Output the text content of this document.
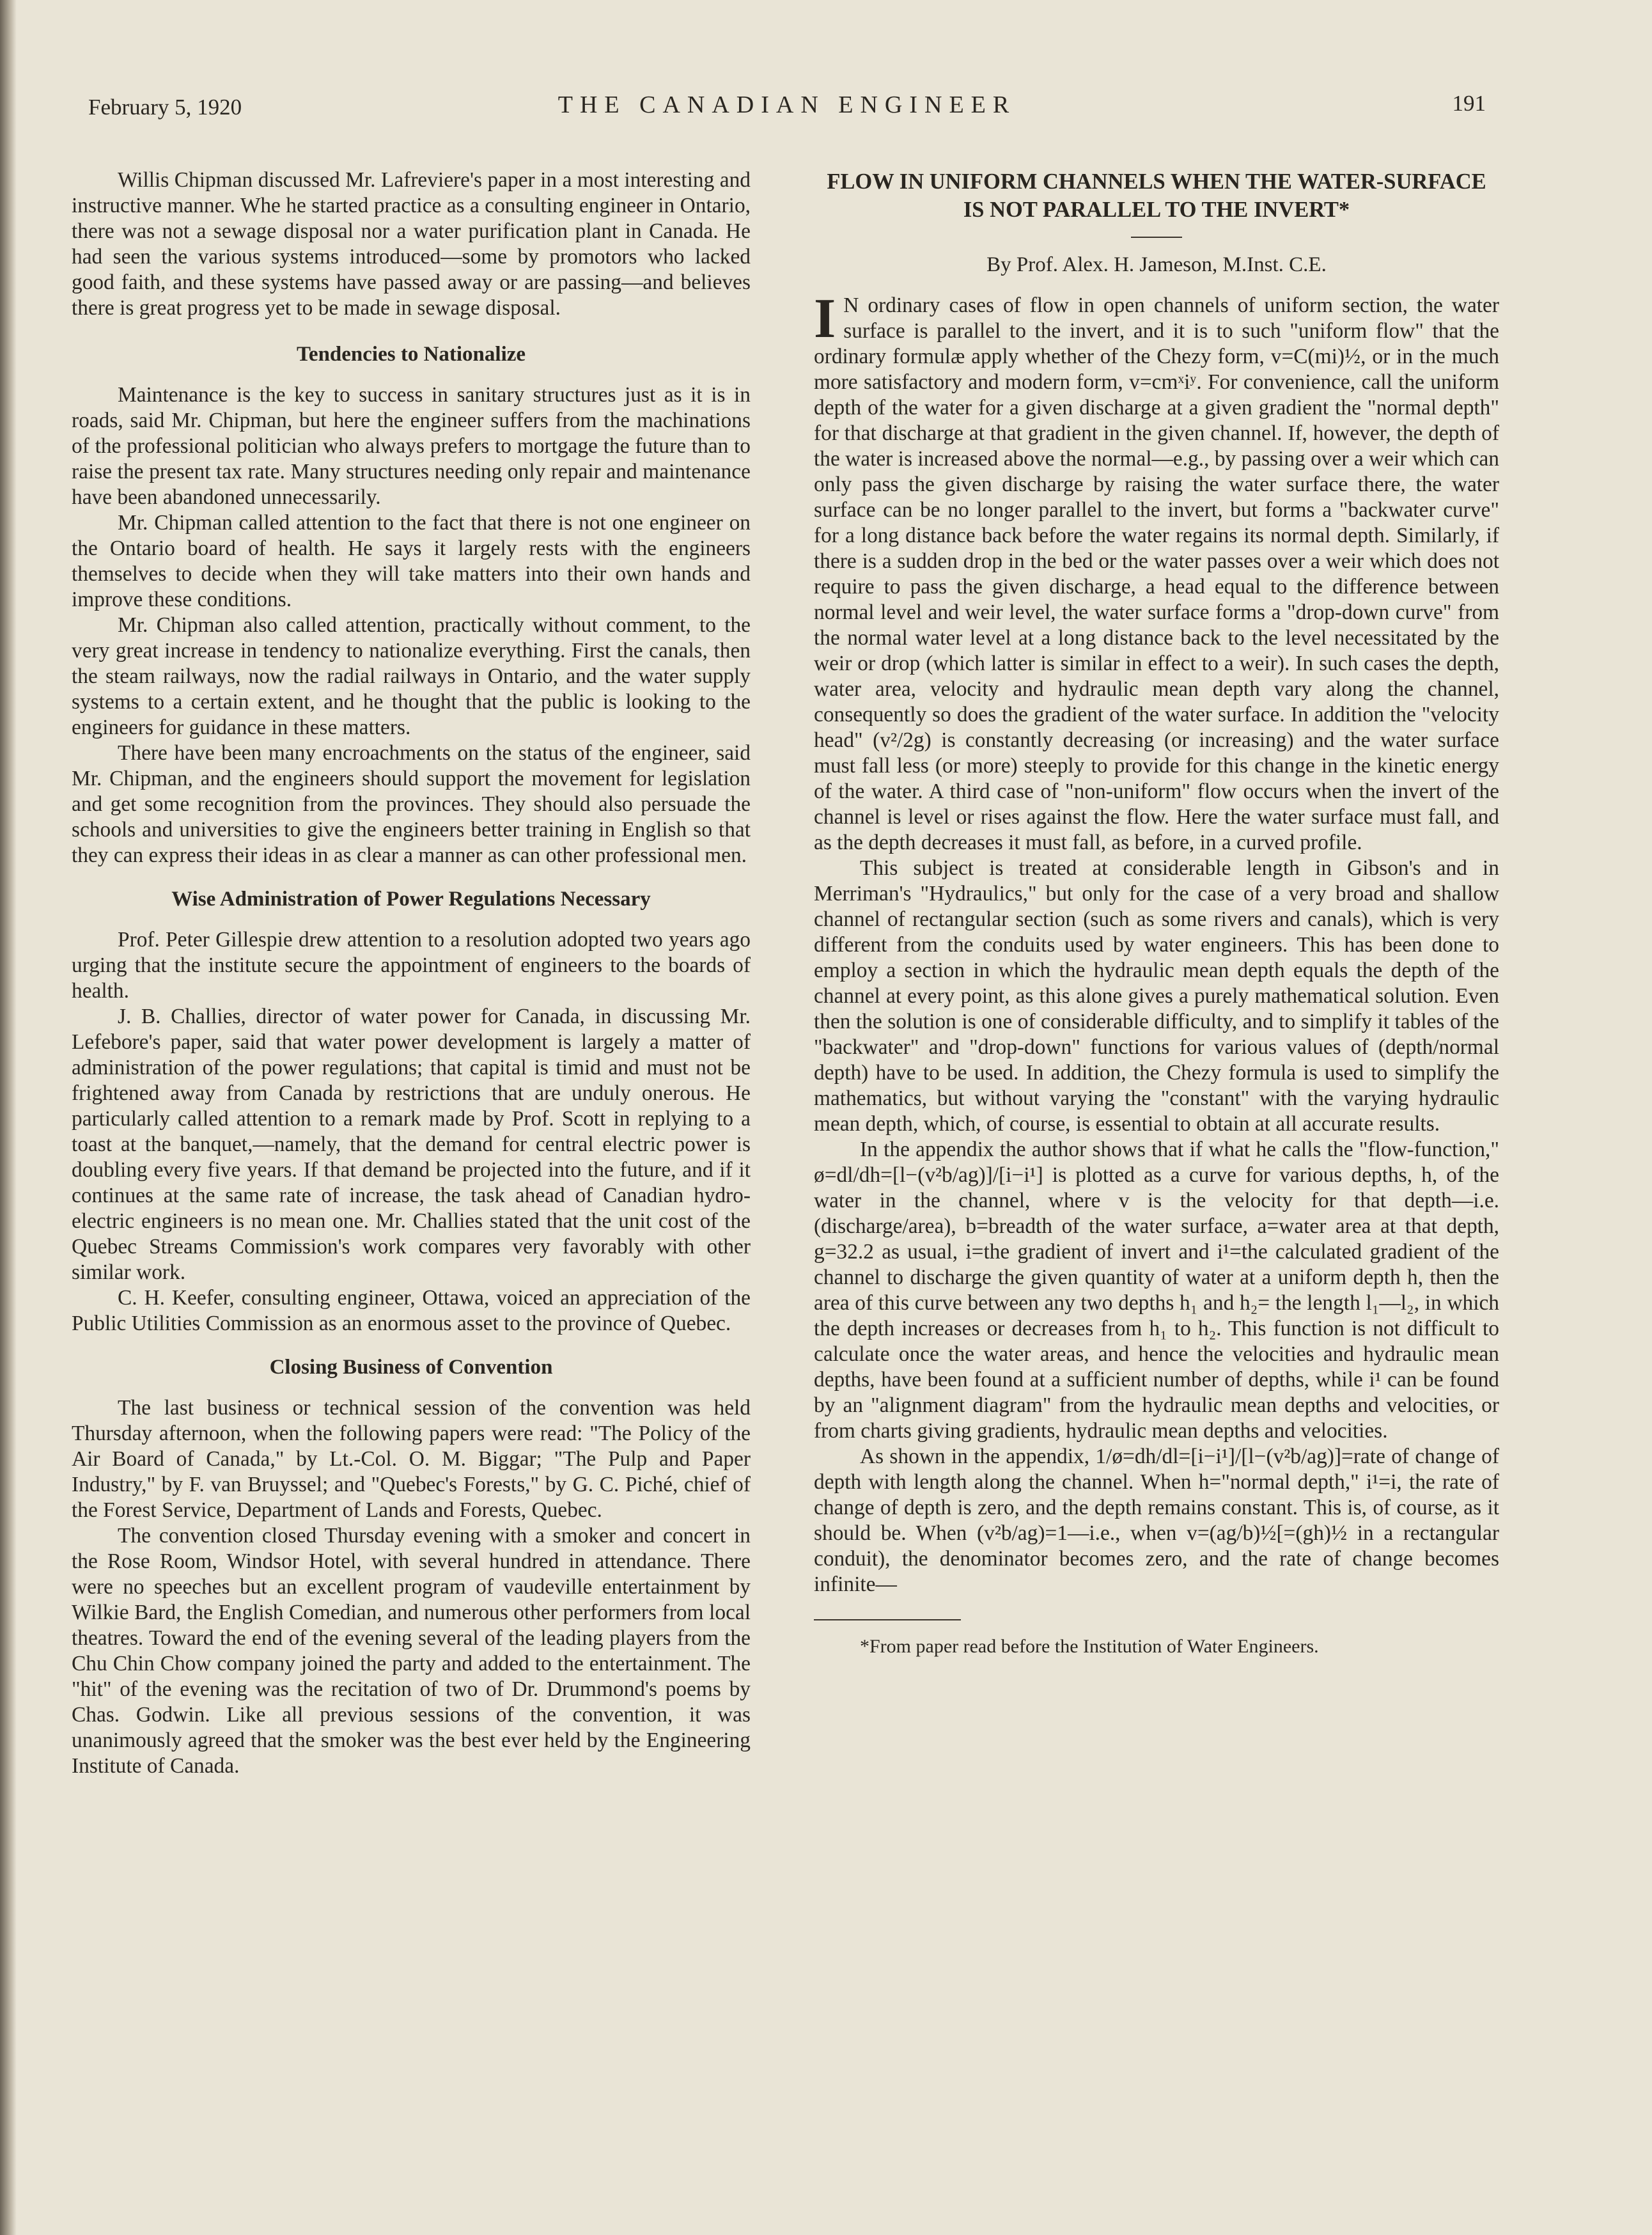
February 5, 1920	THE CANADIAN ENGINEER	191

Willis Chipman discussed Mr. Lafreviere's paper in a most interesting and instructive manner. Whe he started practice as a consulting engineer in Ontario, there was not a sewage disposal nor a water purification plant in Canada. He had seen the various systems introduced—some by promotors who lacked good faith, and these systems have passed away or are passing—and believes there is great progress yet to be made in sewage disposal.

Tendencies to Nationalize

Maintenance is the key to success in sanitary structures just as it is in roads, said Mr. Chipman, but here the engineer suffers from the machinations of the professional politician who always prefers to mortgage the future than to raise the present tax rate. Many structures needing only repair and maintenance have been abandoned unnecessarily.

Mr. Chipman called attention to the fact that there is not one engineer on the Ontario board of health. He says it largely rests with the engineers themselves to decide when they will take matters into their own hands and improve these conditions.

Mr. Chipman also called attention, practically without comment, to the very great increase in tendency to nationalize everything. First the canals, then the steam railways, now the radial railways in Ontario, and the water supply systems to a certain extent, and he thought that the public is looking to the engineers for guidance in these matters.

There have been many encroachments on the status of the engineer, said Mr. Chipman, and the engineers should support the movement for legislation and get some recognition from the provinces. They should also persuade the schools and universities to give the engineers better training in English so that they can express their ideas in as clear a manner as can other professional men.

Wise Administration of Power Regulations Necessary

Prof. Peter Gillespie drew attention to a resolution adopted two years ago urging that the institute secure the appointment of engineers to the boards of health.

J. B. Challies, director of water power for Canada, in discussing Mr. Lefebore's paper, said that water power development is largely a matter of administration of the power regulations; that capital is timid and must not be frightened away from Canada by restrictions that are unduly onerous. He particularly called attention to a remark made by Prof. Scott in replying to a toast at the banquet,—namely, that the demand for central electric power is doubling every five years. If that demand be projected into the future, and if it continues at the same rate of increase, the task ahead of Canadian hydro-electric engineers is no mean one. Mr. Challies stated that the unit cost of the Quebec Streams Commission's work compares very favorably with other similar work.

C. H. Keefer, consulting engineer, Ottawa, voiced an appreciation of the Public Utilities Commission as an enormous asset to the province of Quebec.

Closing Business of Convention

The last business or technical session of the convention was held Thursday afternoon, when the following papers were read: "The Policy of the Air Board of Canada," by Lt.-Col. O. M. Biggar; "The Pulp and Paper Industry," by F. van Bruyssel; and "Quebec's Forests," by G. C. Piché, chief of the Forest Service, Department of Lands and Forests, Quebec.

The convention closed Thursday evening with a smoker and concert in the Rose Room, Windsor Hotel, with several hundred in attendance. There were no speeches but an excellent program of vaudeville entertainment by Wilkie Bard, the English Comedian, and numerous other performers from local theatres. Toward the end of the evening several of the leading players from the Chu Chin Chow company joined the party and added to the entertainment. The "hit" of the evening was the recitation of two of Dr. Drummond's poems by Chas. Godwin. Like all previous sessions of the convention, it was unanimously agreed that the smoker was the best ever held by the Engineering Institute of Canada.

FLOW IN UNIFORM CHANNELS WHEN THE WATER-SURFACE IS NOT PARALLEL TO THE INVERT*
By Prof. Alex. H. Jameson, M.Inst. C.E.

I N ordinary cases of flow in open channels of uniform section, the water surface is parallel to the invert, and it is to such "uniform flow" that the ordinary formulæ apply whether of the Chezy form, v=C(mi)½, or in the much more satisfactory and modern form, v=cmˣiʸ. For convenience, call the uniform depth of the water for a given discharge at a given gradient the "normal depth" for that discharge at that gradient in the given channel. If, however, the depth of the water is increased above the normal—e.g., by passing over a weir which can only pass the given discharge by raising the water surface there, the water surface can be no longer parallel to the invert, but forms a "backwater curve" for a long distance back before the water regains its normal depth. Similarly, if there is a sudden drop in the bed or the water passes over a weir which does not require to pass the given discharge, a head equal to the difference between normal level and weir level, the water surface forms a "drop-down curve" from the normal water level at a long distance back to the level necessitated by the weir or drop (which latter is similar in effect to a weir). In such cases the depth, water area, velocity and hydraulic mean depth vary along the channel, consequently so does the gradient of the water surface. In addition the "velocity head" (v²/2g) is constantly decreasing (or increasing) and the water surface must fall less (or more) steeply to provide for this change in the kinetic energy of the water. A third case of "non-uniform" flow occurs when the invert of the channel is level or rises against the flow. Here the water surface must fall, and as the depth decreases it must fall, as before, in a curved profile.

This subject is treated at considerable length in Gibson's and in Merriman's "Hydraulics," but only for the case of a very broad and shallow channel of rectangular section (such as some rivers and canals), which is very different from the conduits used by water engineers. This has been done to employ a section in which the hydraulic mean depth equals the depth of the channel at every point, as this alone gives a purely mathematical solution. Even then the solution is one of considerable difficulty, and to simplify it tables of the "backwater" and "drop-down" functions for various values of (depth/normal depth) have to be used. In addition, the Chezy formula is used to simplify the mathematics, but without varying the "constant" with the varying hydraulic mean depth, which, of course, is essential to obtain at all accurate results.

In the appendix the author shows that if what he calls the "flow-function," ø=dl/dh=[l−(v²b/ag)]/[i−i¹] is plotted as a curve for various depths, h, of the water in the channel, where v is the velocity for that depth—i.e. (discharge/area), b=breadth of the water surface, a=water area at that depth, g=32.2 as usual, i=the gradient of invert and i¹=the calculated gradient of the channel to discharge the given quantity of water at a uniform depth h, then the area of this curve between any two depths h₁ and h₂= the length l₁—l₂, in which the depth increases or decreases from h₁ to h₂. This function is not difficult to calculate once the water areas, and hence the velocities and hydraulic mean depths, have been found at a sufficient number of depths, while i¹ can be found by an "alignment diagram" from the hydraulic mean depths and velocities, or from charts giving gradients, hydraulic mean depths and velocities.

As shown in the appendix, 1/ø=dh/dl=[i−i¹]/[l−(v²b/ag)]=rate of change of depth with length along the channel. When h="normal depth," i¹=i, the rate of change of depth is zero, and the depth remains constant. This is, of course, as it should be. When (v²b/ag)=1—i.e., when v=(ag/b)½[=(gh)½ in a rectangular conduit), the denominator becomes zero, and the rate of change becomes infinite—

*From paper read before the Institution of Water Engineers.
